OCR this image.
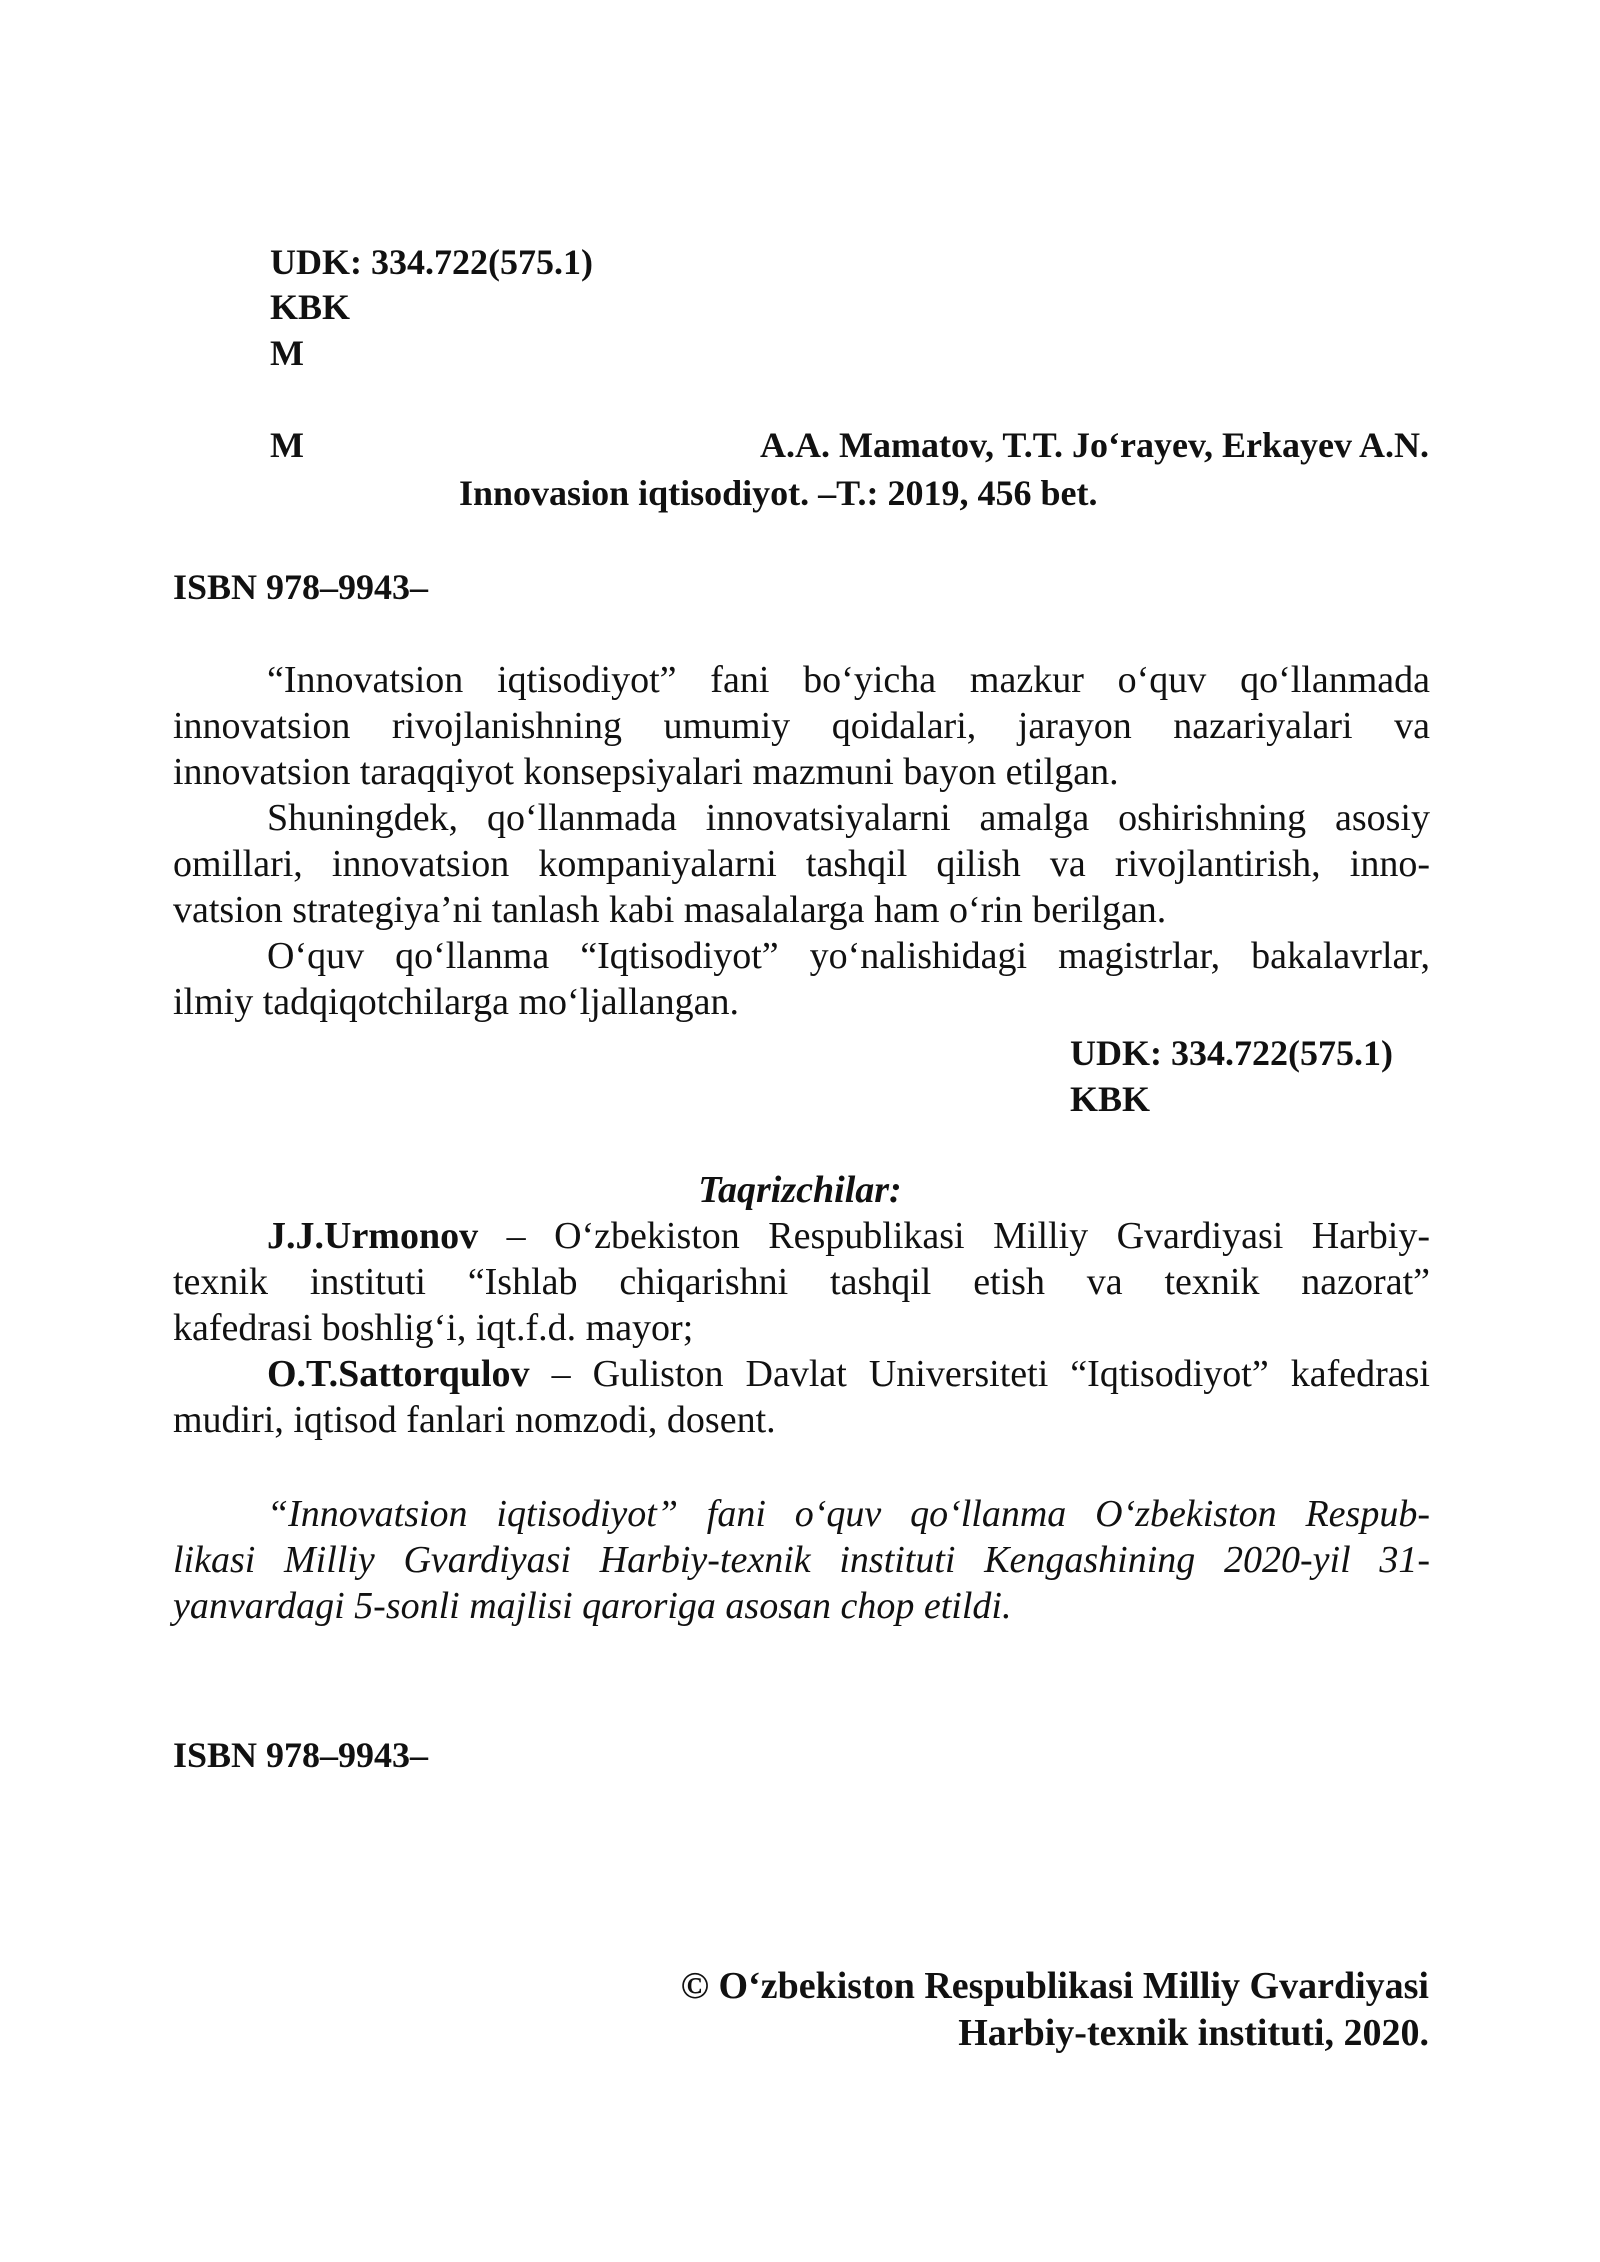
UDK: 334.722(575.1)
KBK
M
M	A.A. Mamatov, T.T. Jo‘rayev, Erkayev A.N.
Innovasion iqtisodiyot. –T.: 2019, 456 bet.
ISBN 978–9943–
“Innovatsion iqtisodiyot” fani bo‘yicha mazkur o‘quv qo‘llanmada
innovatsion rivojlanishning umumiy qoidalari, jarayon nazariyalari va
innovatsion taraqqiyot konsepsiyalari mazmuni bayon etilgan.
Shuningdek, qo‘llanmada innovatsiyalarni amalga oshirishning asosiy
omillari, innovatsion kompaniyalarni tashqil qilish va rivojlantirish, inno-
vatsion strategiya’ni tanlash kabi masalalarga ham o‘rin berilgan.
O‘quv qo‘llanma “Iqtisodiyot” yo‘nalishidagi magistrlar, bakalavrlar,
ilmiy tadqiqotchilarga mo‘ljallangan.
UDK: 334.722(575.1)
KBK
Taqrizchilar:
J.J.Urmonov – O‘zbekiston Respublikasi Milliy Gvardiyasi Harbiy-
texnik instituti “Ishlab chiqarishni tashqil etish va texnik nazorat”
kafedrasi boshlig‘i, iqt.f.d. mayor;
O.T.Sattorqulov – Guliston Davlat Universiteti “Iqtisodiyot” kafedrasi
mudiri, iqtisod fanlari nomzodi, dosent.
“Innovatsion iqtisodiyot” fani o‘quv qo‘llanma O‘zbekiston Respub-
likasi Milliy Gvardiyasi Harbiy-texnik instituti Kengashining 2020-yil 31-
yanvardagi 5-sonli majlisi qaroriga asosan chop etildi.
ISBN 978–9943–
© O‘zbekiston Respublikasi Milliy Gvardiyasi
Harbiy-texnik instituti, 2020.
